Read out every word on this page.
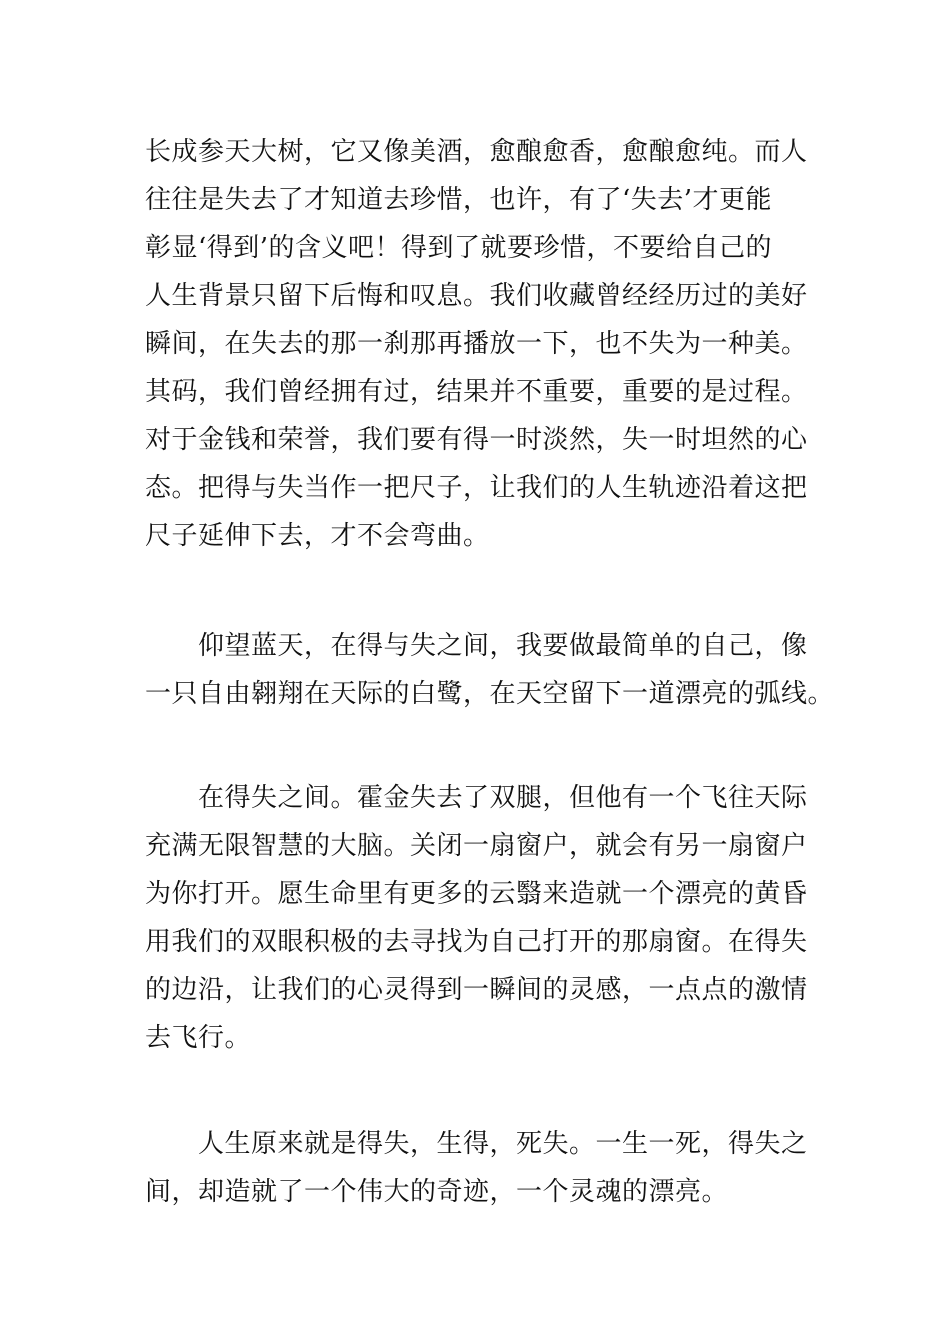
长成参天大树，它又像美酒，愈酿愈香，愈酿愈纯。而人
往往是失去了才知道去珍惜，也许，有了‘失去’才更能
彰显‘得到’的含义吧！得到了就要珍惜，不要给自己的
人生背景只留下后悔和叹息。我们收藏曾经经历过的美好
瞬间，在失去的那一刹那再播放一下，也不失为一种美。
其码，我们曾经拥有过，结果并不重要，重要的是过程。
对于金钱和荣誉，我们要有得一时淡然，失一时坦然的心
态。把得与失当作一把尺子，让我们的人生轨迹沿着这把
尺子延伸下去，才不会弯曲。
　　仰望蓝天，在得与失之间，我要做最简单的自己，像
一只自由翱翔在天际的白鹭，在天空留下一道漂亮的弧线。
　　在得失之间。霍金失去了双腿，但他有一个飞往天际
充满无限智慧的大脑。关闭一扇窗户，就会有另一扇窗户
为你打开。愿生命里有更多的云翳来造就一个漂亮的黄昏
用我们的双眼积极的去寻找为自己打开的那扇窗。在得失
的边沿，让我们的心灵得到一瞬间的灵感，一点点的激情
去飞行。
　　人生原来就是得失，生得，死失。一生一死，得失之
间，却造就了一个伟大的奇迹，一个灵魂的漂亮。
